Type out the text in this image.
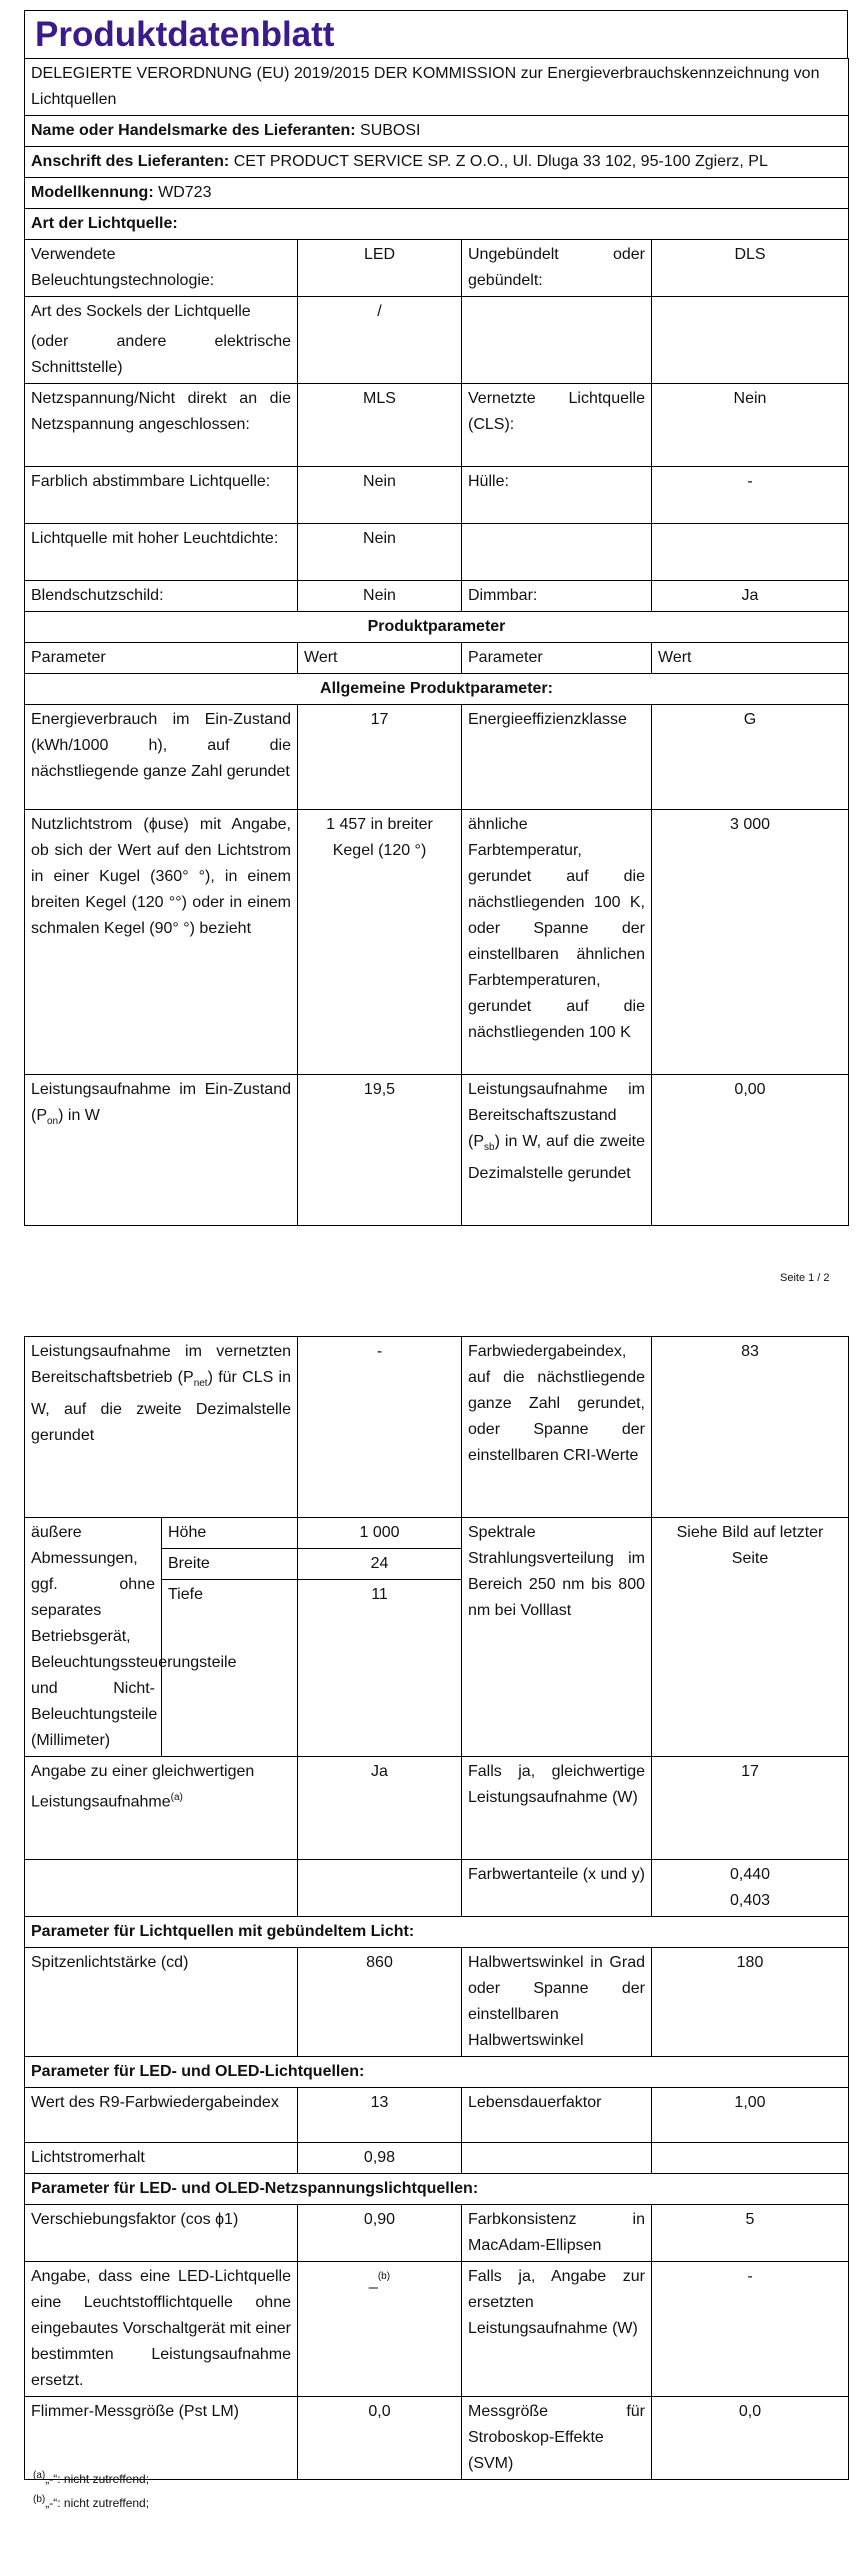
Produktdatenblatt
DELEGIERTE VERORDNUNG (EU) 2019/2015 DER KOMMISSION zur Energieverbrauchskennzeichnung von Lichtquellen			
Name oder Handelsmarke des Lieferanten: SUBOSI			
Anschrift des Lieferanten: CET PRODUCT SERVICE SP. Z O.O., Ul. Dluga 33 102, 95-100 Zgierz, PL			
Modellkennung: WD723			
Art der Lichtquelle:			
Verwendete Beleuchtungstechnologie:	LED	Ungebündelt oder gebündelt:	DLS

Art des Sockels der Lichtquelle
(oder andere elektrische Schnittstelle)	/		
Netzspannung/Nicht direkt an die Netzspannung angeschlossen:	MLS	Vernetzte Lichtquelle (CLS):	Nein
Farblich abstimmbare Lichtquelle:	Nein	Hülle:	-
Lichtquelle mit hoher Leuchtdichte:	Nein		
Blendschutzschild:	Nein	Dimmbar:	Ja
Produktparameter			
Parameter	Wert	Parameter	Wert
Allgemeine Produktparameter:			
Energieverbrauch im Ein-Zustand (kWh/1000 h), auf die nächstliegende ganze Zahl gerundet	17	Energieeffizienzklasse	G
Nutzlichtstrom (ϕuse) mit Angabe, ob sich der Wert auf den Lichtstrom in einer Kugel (360° °), in einem breiten Kegel (120 °°) oder in einem schmalen Kegel (90° °) bezieht	1 457 in breiter Kegel (120 °)	ähnliche Farbtemperatur, gerundet auf die nächstliegenden 100 K, oder Spanne der einstellbaren ähnlichen Farbtemperaturen, gerundet auf die nächstliegenden 100 K	3 000
Leistungsaufnahme im Ein-Zustand $(P_{on})$ in W	19,5	Leistungsaufnahme im Bereitschaftszustand $(P_{sb})$ in W, auf die zweite Dezimalstelle gerundet	0,00
Seite 1 / 2
Leistungsaufnahme im vernetzten Bereitschaftsbetrieb $(P_{net})$ für CLS in W, auf die zweite Dezimalstelle gerundet		-	Farbwiedergabeindex, auf die nächstliegende ganze Zahl gerundet, oder Spanne der einstellbaren CRI-Werte	83
äußere Abmessungen, ggf. ohne separates Betriebsgerät, Beleuchtungssteuerungsteile und Nicht-Beleuchtungsteile (Millimeter)	Höhe	1 000	Spektrale Strahlungsverteilung im Bereich 250 nm bis 800 nm bei Volllast	Siehe Bild auf letzter Seite
	Breite	24		
	Tiefe	11		
Angabe zu einer gleichwertigen Leistungsaufnahme$^{(a)}$		Ja	Falls ja, gleichwertige Leistungsaufnahme (W)	17
			Farbwertanteile (x und y)	0,440
0,403

Parameter für Lichtquellen mit gebündeltem Licht:				
Spitzenlichtstärke (cd)		860	Halbwertswinkel in Grad oder Spanne der einstellbaren Halbwertswinkel	180
Parameter für LED- und OLED-Lichtquellen:				
Wert des R9-Farbwiedergabeindex		13	Lebensdauerfaktor	1,00
Lichtstromerhalt		0,98		
Parameter für LED- und OLED-Netzspannungslichtquellen:				
Verschiebungsfaktor (cos ϕ1)		0,90	Farbkonsistenz in MacAdam-Ellipsen	5
Angabe, dass eine LED-Lichtquelle eine Leuchtstofflichtquelle ohne eingebautes Vorschaltgerät mit einer bestimmten Leistungsaufnahme ersetzt.		_$^{(b)}$	Falls ja, Angabe zur ersetzten Leistungsaufnahme (W)	-
Flimmer-Messgröße (Pst LM)		0,0	Messgröße für Stroboskop-Effekte (SVM)	0,0
$^{(a)}$„-“: nicht zutreffend;
$^{(b)}$„-“: nicht zutreffend;
